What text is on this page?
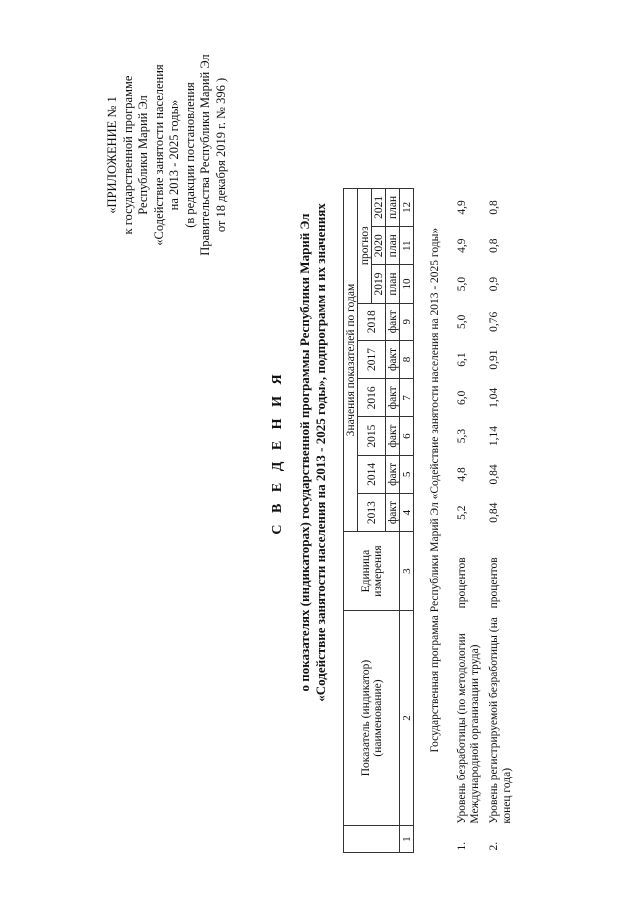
«ПРИЛОЖЕНИЕ № 1 к государственной программе Республики Марий Эл «Содействие занятости населения на 2013 - 2025 годы» (в редакции постановления Правительства Республики Марий Эл от 18 декабря 2019 г. № 396 )
С В Е Д Е Н И Я о показателях (индикаторах) государственной программы Республики Марий Эл «Содействие занятости населения на 2013 - 2025 годы», подпрограмм и их значениях
	Показатель (индикатор) (наименование)	Единица измерения	Значения показателей по годам									
			2013	2014	2015	2016	2017	2018	прогноз			
									2019	2020	2021	
			факт	факт	факт	факт	факт	факт	план	план	план	
1	2	3	4	5	6	7	8	9	10	11	12	
Государственная программа Республики Марий Эл «Содействие занятости населения на 2013 - 2025 годы»												
1.	Уровень безработицы (по методологии Международной организации труда)	процентов	5,2	4,8	5,3	6,0	6,1	5,0	5,0	4,9	4,9	
2.	Уровень регистрируемой безработицы (на конец года)	процентов	0,84	0,84	1,14	1,04	0,91	0,76	0,9	0,8	0,8	
